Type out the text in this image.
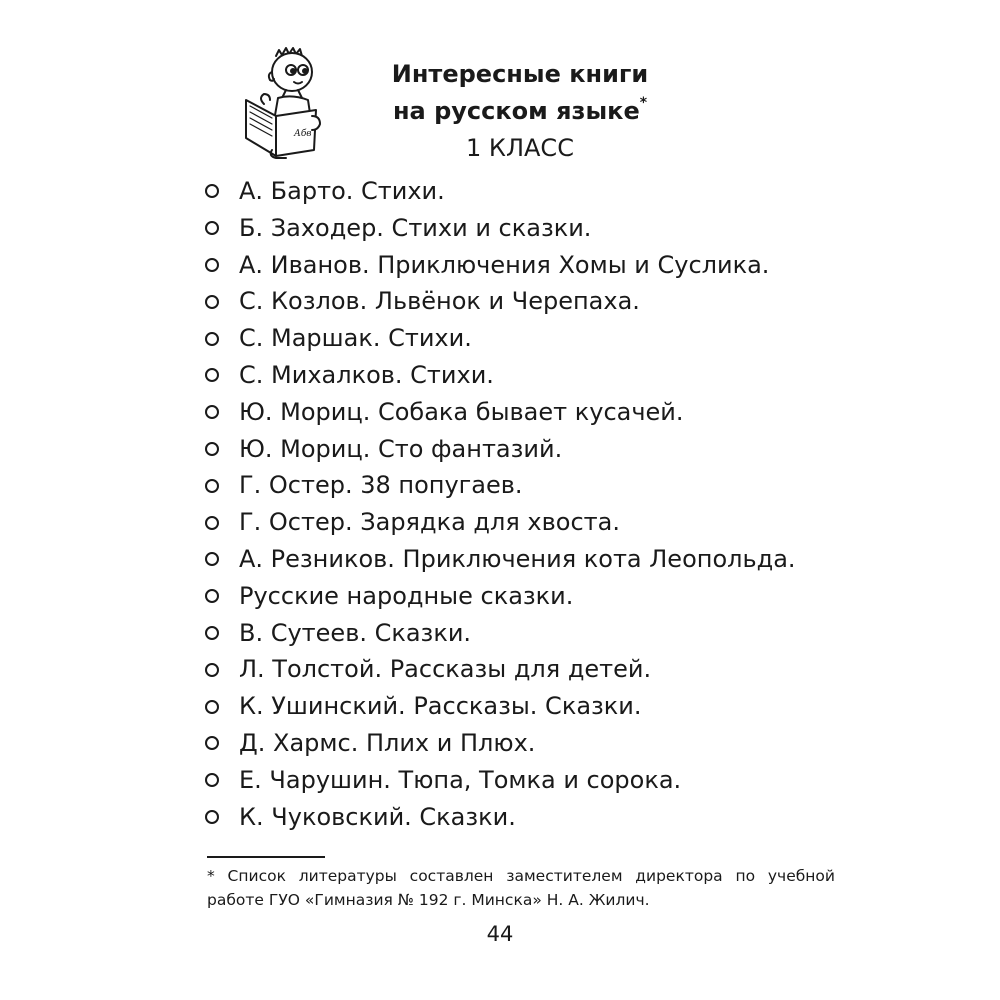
Абв
Интересные книги
на русском языке*
1 КЛАСС
А. Барто. Стихи.
Б. Заходер. Стихи и сказки.
А. Иванов. Приключения Хомы и Суслика.
С. Козлов. Львёнок и Черепаха.
С. Маршак. Стихи.
С. Михалков. Стихи.
Ю. Мориц. Собака бывает кусачей.
Ю. Мориц. Сто фантазий.
Г. Остер. 38 попугаев.
Г. Остер. Зарядка для хвоста.
А. Резников. Приключения кота Леопольда.
Русские народные сказки.
В. Сутеев. Сказки.
Л. Толстой. Рассказы для детей.
К. Ушинский. Рассказы. Сказки.
Д. Хармс. Плих и Плюх.
Е. Чарушин. Тюпа, Томка и сорока.
К. Чуковский. Сказки.
* Список литературы составлен заместителем директора по учебной работе ГУО «Гимназия № 192 г. Минска» Н. А. Жилич.
44
